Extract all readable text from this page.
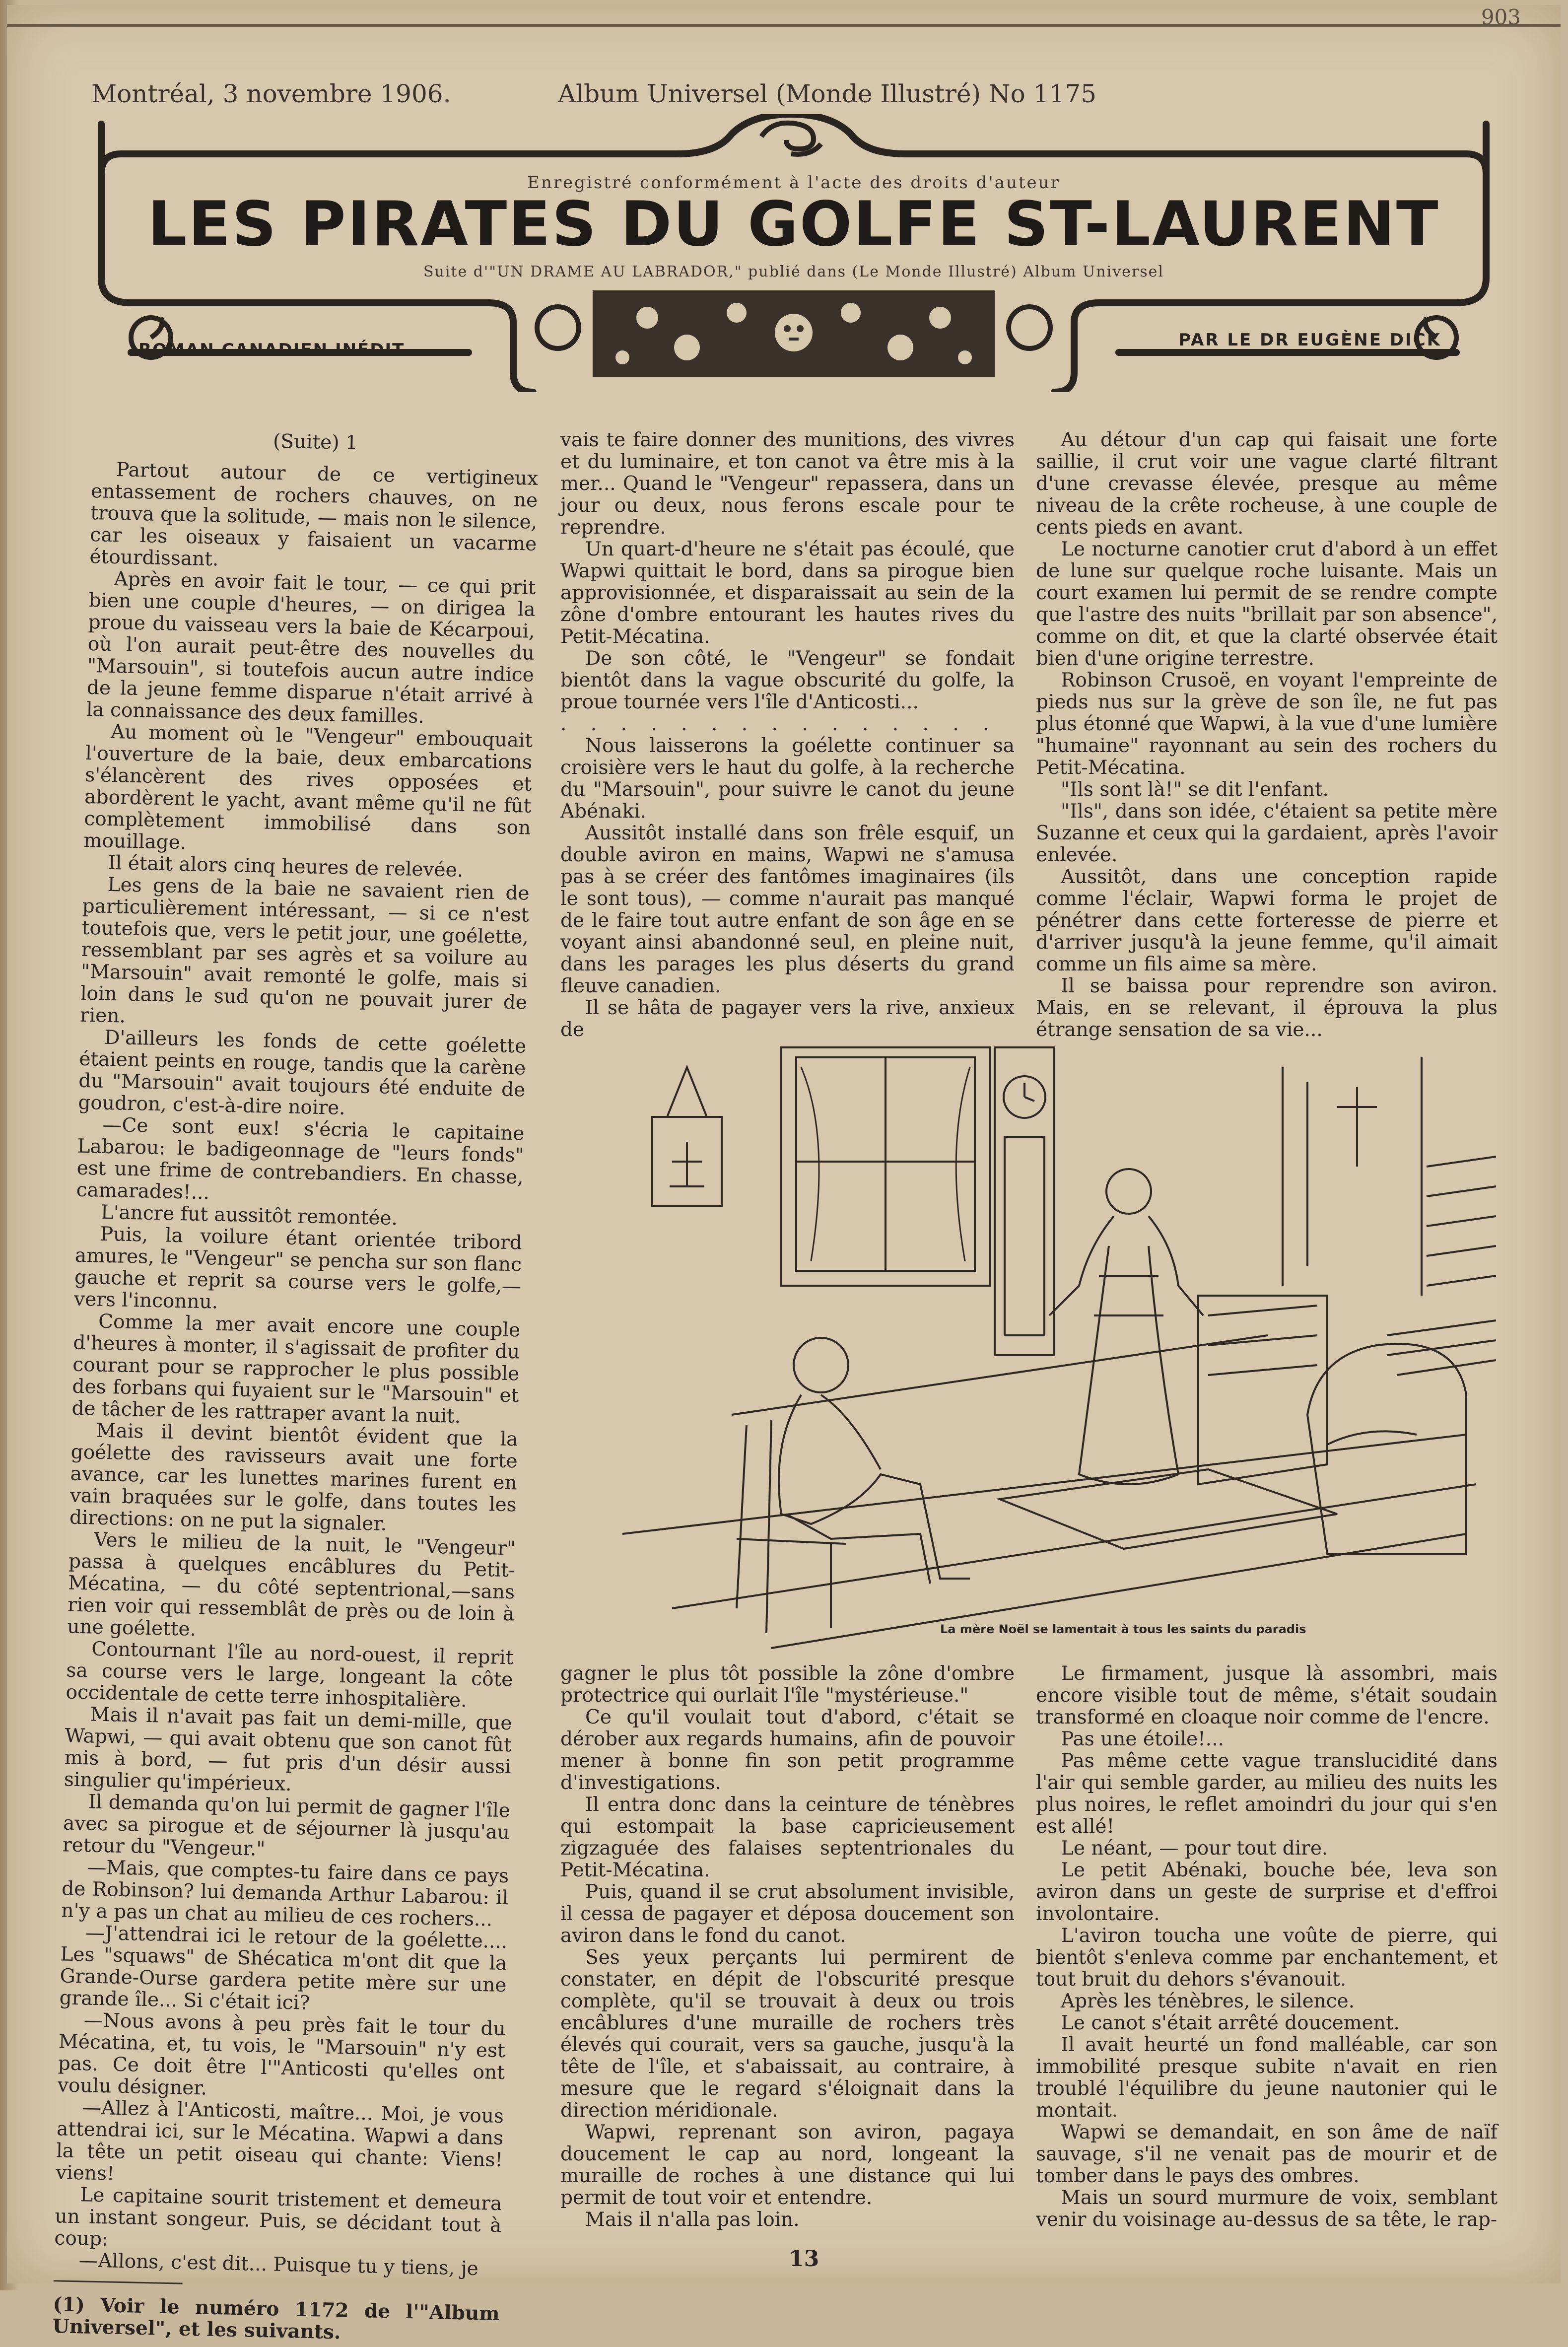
903
Montréal, 3 novembre 1906.	Album Universel (Monde Illustré) No 1175
Enregistré conformément à l'acte des droits d'auteur
LES PIRATES DU GOLFE ST-LAURENT
Suite d'"UN DRAME AU LABRADOR," publié dans (Le Monde Illustré) Album Universel
ROMAN CANADIEN INÉDIT	PAR LE DR EUGÈNE DICK

(Suite) 1

Partout autour de ce vertigineux entassement de rochers chauves, on ne trouva que la solitude, — mais non le silence, car les oiseaux y faisaient un vacarme étourdissant.

Après en avoir fait le tour, — ce qui prit bien une couple d'heures, — on dirigea la proue du vaisseau vers la baie de Kécarpoui, où l'on aurait peut-être des nouvelles du "Marsouin", si toutefois aucun autre indice de la jeune femme disparue n'était arrivé à la connaissance des deux familles.

Au moment où le "Vengeur" embouquait l'ouverture de la baie, deux embarcations s'élancèrent des rives opposées et abordèrent le yacht, avant même qu'il ne fût complètement immobilisé dans son mouillage.

Il était alors cinq heures de relevée.

Les gens de la baie ne savaient rien de particulièrement intéressant, — si ce n'est toutefois que, vers le petit jour, une goélette, ressemblant par ses agrès et sa voilure au "Marsouin" avait remonté le golfe, mais si loin dans le sud qu'on ne pouvait jurer de rien.

D'ailleurs les fonds de cette goélette étaient peints en rouge, tandis que la carène du "Marsouin" avait toujours été enduite de goudron, c'est-à-dire noire.

—Ce sont eux! s'écria le capitaine Labarou: le badigeonnage de "leurs fonds" est une frime de contrebandiers. En chasse, camarades!...

L'ancre fut aussitôt remontée.

Puis, la voilure étant orientée tribord amures, le "Vengeur" se pencha sur son flanc gauche et reprit sa course vers le golfe,—vers l'inconnu.

Comme la mer avait encore une couple d'heures à monter, il s'agissait de profiter du courant pour se rapprocher le plus possible des forbans qui fuyaient sur le "Marsouin" et de tâcher de les rattraper avant la nuit.

Mais il devint bientôt évident que la goélette des ravisseurs avait une forte avance, car les lunettes marines furent en vain braquées sur le golfe, dans toutes les directions: on ne put la signaler.

Vers le milieu de la nuit, le "Vengeur" passa à quelques encâblures du Petit-Mécatina, — du côté septentrional,—sans rien voir qui ressemblât de près ou de loin à une goélette.

Contournant l'île au nord-ouest, il reprit sa course vers le large, longeant la côte occidentale de cette terre inhospitalière.

Mais il n'avait pas fait un demi-mille, que Wapwi, — qui avait obtenu que son canot fût mis à bord, — fut pris d'un désir aussi singulier qu'impérieux.

Il demanda qu'on lui permit de gagner l'île avec sa pirogue et de séjourner là jusqu'au retour du "Vengeur."

—Mais, que comptes-tu faire dans ce pays de Robinson? lui demanda Arthur Labarou: il n'y a pas un chat au milieu de ces rochers...

—J'attendrai ici le retour de la goélette.... Les "squaws" de Shécatica m'ont dit que la Grande-Ourse gardera petite mère sur une grande île... Si c'était ici?

—Nous avons à peu près fait le tour du Mécatina, et, tu vois, le "Marsouin" n'y est pas. Ce doit être l'"Anticosti qu'elles ont voulu désigner.

—Allez à l'Anticosti, maître... Moi, je vous attendrai ici, sur le Mécatina. Wapwi a dans la tête un petit oiseau qui chante: Viens! viens!

Le capitaine sourit tristement et demeura un instant songeur. Puis, se décidant tout à coup:

—Allons, c'est dit... Puisque tu y tiens, je

(1) Voir le numéro 1172 de l'"Album Universel", et les suivants.

vais te faire donner des munitions, des vivres et du luminaire, et ton canot va être mis à la mer... Quand le "Vengeur" repassera, dans un jour ou deux, nous ferons escale pour te reprendre.

Un quart-d'heure ne s'était pas écoulé, que Wapwi quittait le bord, dans sa pirogue bien approvisionnée, et disparaissait au sein de la zône d'ombre entourant les hautes rives du Petit-Mécatina.

De son côté, le "Vengeur" se fondait bientôt dans la vague obscurité du golfe, la proue tournée vers l'île d'Anticosti...

. . . . . . . . . . . . . . .

Nous laisserons la goélette continuer sa croisière vers le haut du golfe, à la recherche du "Marsouin", pour suivre le canot du jeune Abénaki.

Aussitôt installé dans son frêle esquif, un double aviron en mains, Wapwi ne s'amusa pas à se créer des fantômes imaginaires (ils le sont tous), — comme n'aurait pas manqué de le faire tout autre enfant de son âge en se voyant ainsi abandonné seul, en pleine nuit, dans les parages les plus déserts du grand fleuve canadien.

Il se hâta de pagayer vers la rive, anxieux de

Au détour d'un cap qui faisait une forte saillie, il crut voir une vague clarté filtrant d'une crevasse élevée, presque au même niveau de la crête rocheuse, à une couple de cents pieds en avant.

Le nocturne canotier crut d'abord à un effet de lune sur quelque roche luisante. Mais un court examen lui permit de se rendre compte que l'astre des nuits "brillait par son absence", comme on dit, et que la clarté observée était bien d'une origine terrestre.

Robinson Crusoë, en voyant l'empreinte de pieds nus sur la grève de son île, ne fut pas plus étonné que Wapwi, à la vue d'une lumière "humaine" rayonnant au sein des rochers du Petit-Mécatina.

"Ils sont là!" se dit l'enfant.

"Ils", dans son idée, c'étaient sa petite mère Suzanne et ceux qui la gardaient, après l'avoir enlevée.

Aussitôt, dans une conception rapide comme l'éclair, Wapwi forma le projet de pénétrer dans cette forteresse de pierre et d'arriver jusqu'à la jeune femme, qu'il aimait comme un fils aime sa mère.

Il se baissa pour reprendre son aviron. Mais, en se relevant, il éprouva la plus étrange sensation de sa vie...

La mère Noël se lamentait à tous les saints du paradis

gagner le plus tôt possible la zône d'ombre protectrice qui ourlait l'île "mystérieuse."

Ce qu'il voulait tout d'abord, c'était se dérober aux regards humains, afin de pouvoir mener à bonne fin son petit programme d'investigations.

Il entra donc dans la ceinture de ténèbres qui estompait la base capricieusement zigzaguée des falaises septentrionales du Petit-Mécatina.

Puis, quand il se crut absolument invisible, il cessa de pagayer et déposa doucement son aviron dans le fond du canot.

Ses yeux perçants lui permirent de constater, en dépit de l'obscurité presque complète, qu'il se trouvait à deux ou trois encâblures d'une muraille de rochers très élevés qui courait, vers sa gauche, jusqu'à la tête de l'île, et s'abaissait, au contraire, à mesure que le regard s'éloignait dans la direction méridionale.

Wapwi, reprenant son aviron, pagaya doucement le cap au nord, longeant la muraille de roches à une distance qui lui permit de tout voir et entendre.

Mais il n'alla pas loin.

Le firmament, jusque là assombri, mais encore visible tout de même, s'était soudain transformé en cloaque noir comme de l'encre.

Pas une étoile!...

Pas même cette vague translucidité dans l'air qui semble garder, au milieu des nuits les plus noires, le reflet amoindri du jour qui s'en est allé!

Le néant, — pour tout dire.

Le petit Abénaki, bouche bée, leva son aviron dans un geste de surprise et d'effroi involontaire.

L'aviron toucha une voûte de pierre, qui bientôt s'enleva comme par enchantement, et tout bruit du dehors s'évanouit.

Après les ténèbres, le silence.

Le canot s'était arrêté doucement.

Il avait heurté un fond malléable, car son immobilité presque subite n'avait en rien troublé l'équilibre du jeune nautonier qui le montait.

Wapwi se demandait, en son âme de naïf sauvage, s'il ne venait pas de mourir et de tomber dans le pays des ombres.

Mais un sourd murmure de voix, semblant venir du voisinage au-dessus de sa tête, le rap-

13
